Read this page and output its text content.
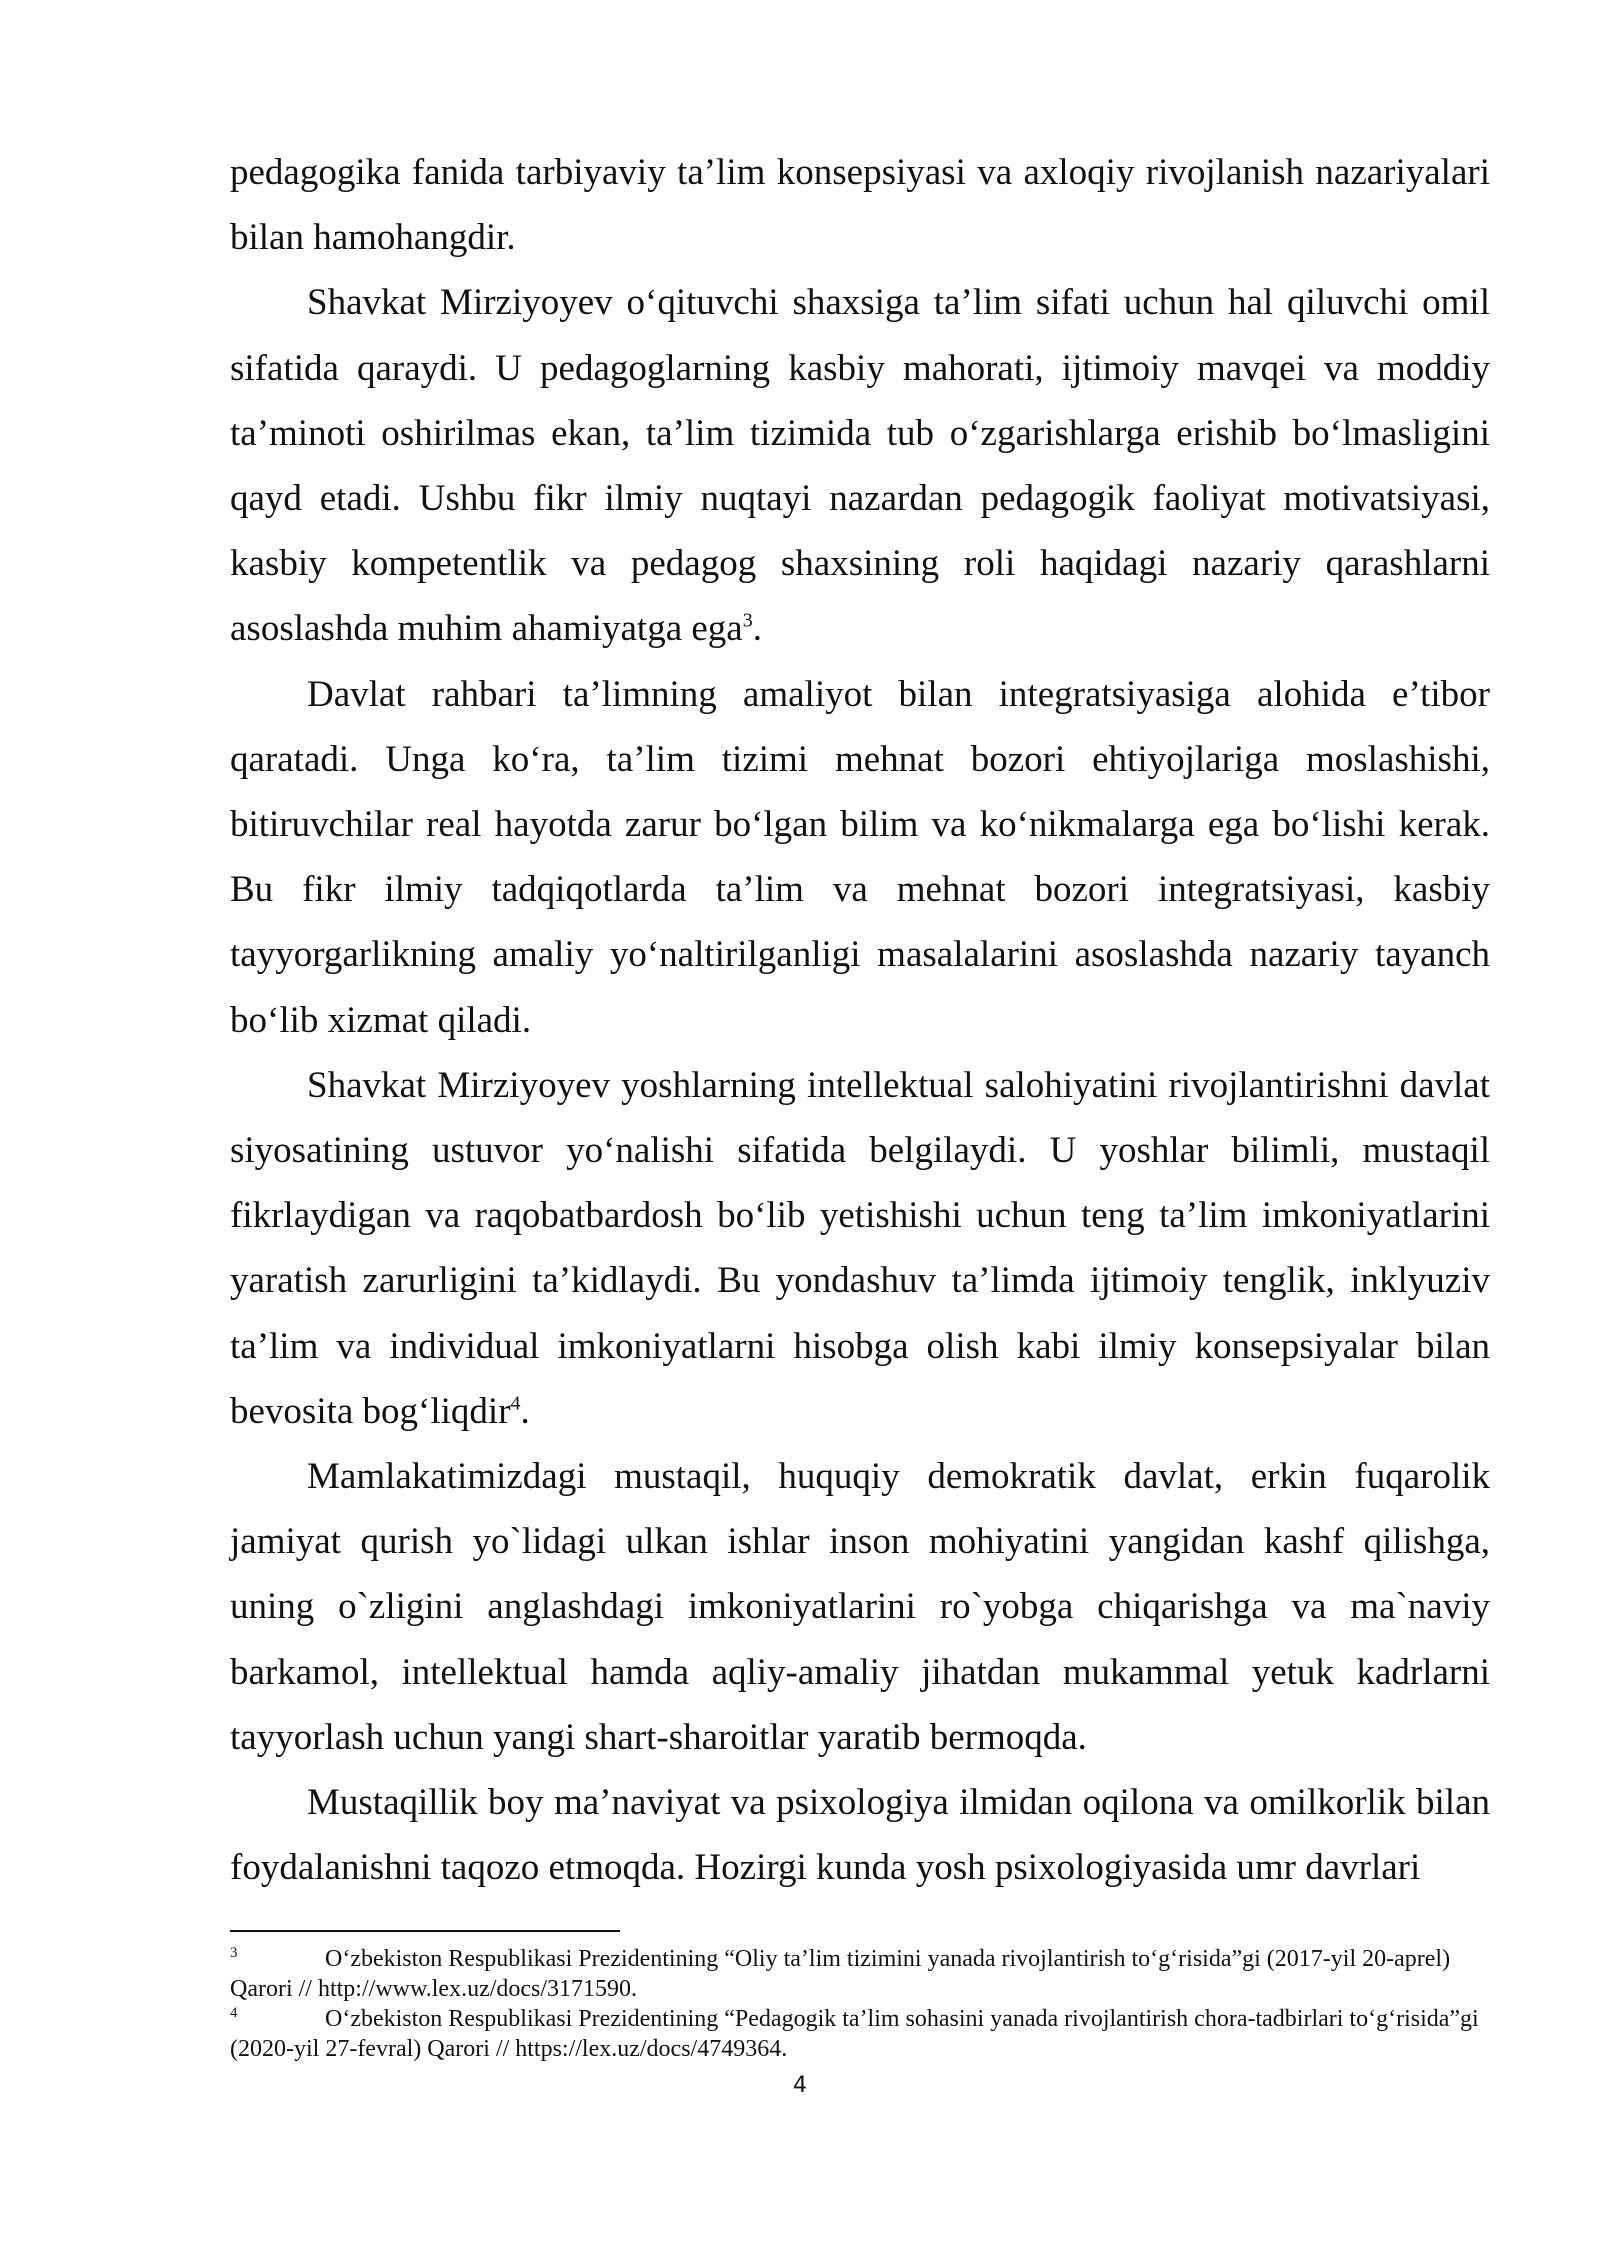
pedagogika fanida tarbiyaviy ta’lim konsepsiyasi va axloqiy rivojlanish nazariyalari bilan hamohangdir.

Shavkat Mirziyoyev o‘qituvchi shaxsiga ta’lim sifati uchun hal qiluvchi omil sifatida qaraydi. U pedagoglarning kasbiy mahorati, ijtimoiy mavqei va moddiy ta’minoti oshirilmas ekan, ta’lim tizimida tub o‘zgarishlarga erishib bo‘lmasligini qayd etadi. Ushbu fikr ilmiy nuqtayi nazardan pedagogik faoliyat motivatsiyasi, kasbiy kompetentlik va pedagog shaxsining roli haqidagi nazariy qarashlarni asoslashda muhim ahamiyatga ega$^3$.

Davlat rahbari ta’limning amaliyot bilan integratsiyasiga alohida e’tibor qaratadi. Unga ko‘ra, ta’lim tizimi mehnat bozori ehtiyojlariga moslashishi, bitiruvchilar real hayotda zarur bo‘lgan bilim va ko‘nikmalarga ega bo‘lishi kerak. Bu fikr ilmiy tadqiqotlarda ta’lim va mehnat bozori integratsiyasi, kasbiy tayyorgarlikning amaliy yo‘naltirilganligi masalalarini asoslashda nazariy tayanch bo‘lib xizmat qiladi.

Shavkat Mirziyoyev yoshlarning intellektual salohiyatini rivojlantirishni davlat siyosatining ustuvor yo‘nalishi sifatida belgilaydi. U yoshlar bilimli, mustaqil fikrlaydigan va raqobatbardosh bo‘lib yetishishi uchun teng ta’lim imkoniyatlarini yaratish zarurligini ta’kidlaydi. Bu yondashuv ta’limda ijtimoiy tenglik, inklyuziv ta’lim va individual imkoniyatlarni hisobga olish kabi ilmiy konsepsiyalar bilan bevosita bog‘liqdir$^4$.

Mamlakatimizdagi mustaqil, huquqiy demokratik davlat, erkin fuqarolik jamiyat qurish yo`lidagi ulkan ishlar inson mohiyatini yangidan kashf qilishga, uning o`zligini anglashdagi imkoniyatlarini ro`yobga chiqarishga va ma`naviy barkamol, intellektual hamda aqliy-amaliy jihatdan mukammal yetuk kadrlarni tayyorlash uchun yangi shart-sharoitlar yaratib bermoqda.

Mustaqillik boy ma’naviyat va psixologiya ilmidan oqilona va omilkorlik bilan foydalanishni taqozo etmoqda. Hozirgi kunda yosh psixologiyasida umr davrlari

3	O‘zbekiston Respublikasi Prezidentining “Oliy ta’lim tizimini yanada rivojlantirish to‘g‘risida”gi (2017-yil 20-aprel) Qarori // http://www.lex.uz/docs/3171590.

4	O‘zbekiston Respublikasi Prezidentining “Pedagogik ta’lim sohasini yanada rivojlantirish chora-tadbirlari to‘g‘risida”gi (2020-yil 27-fevral) Qarori // https://lex.uz/docs/4749364.

4
